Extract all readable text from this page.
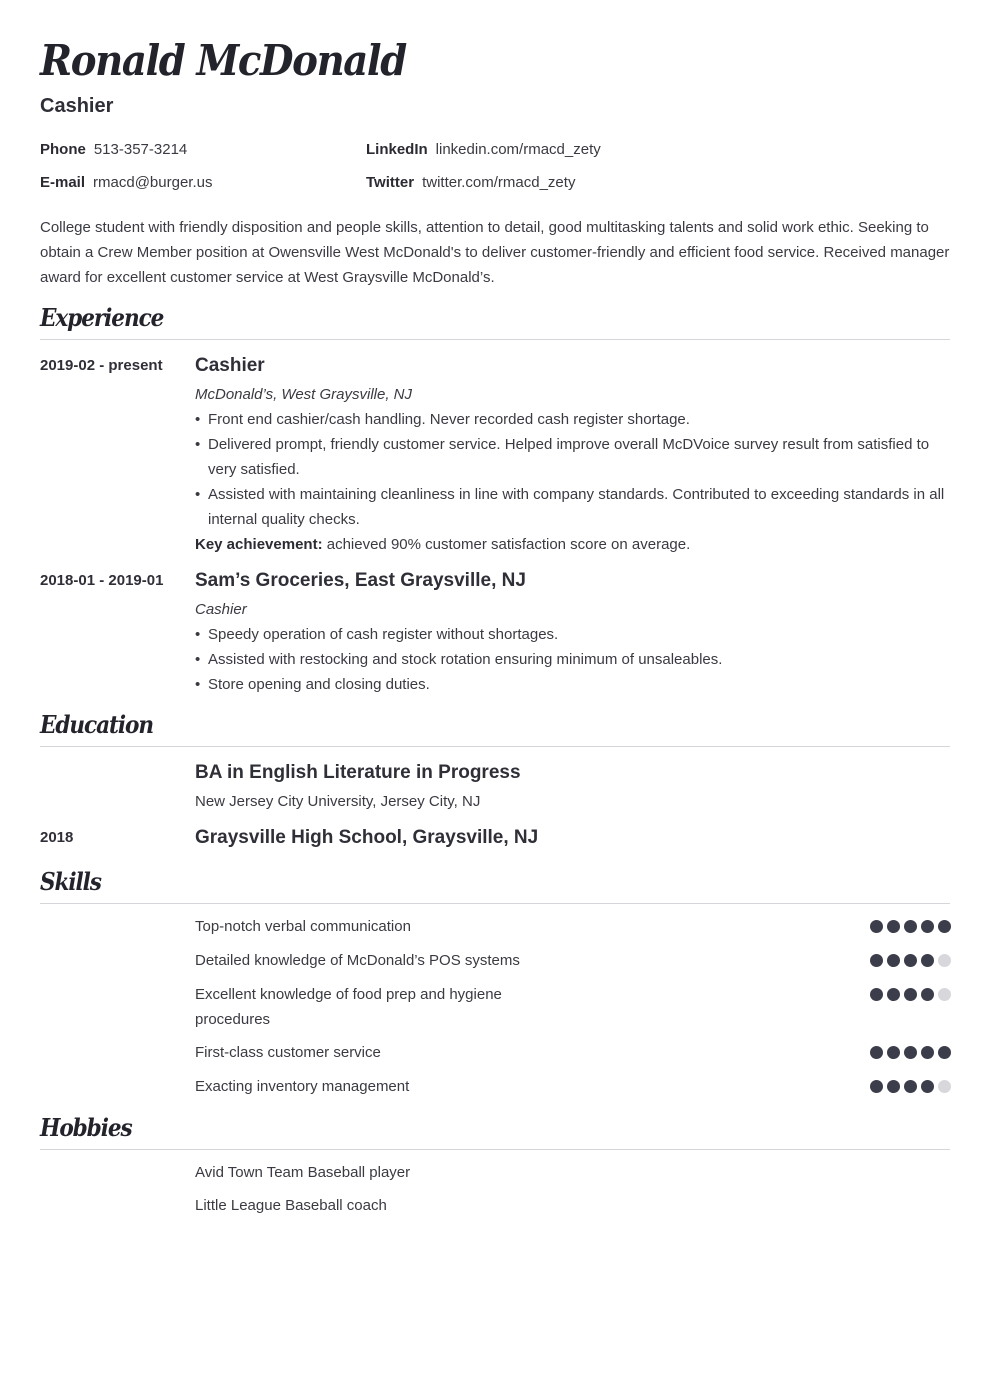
Ronald McDonald
Cashier
Phone 513-357-3214
E-mail rmacd@burger.us
LinkedIn linkedin.com/rmacd_zety
Twitter twitter.com/rmacd_zety

College student with friendly disposition and people skills, attention to detail, good multitasking talents and solid work ethic. Seeking to obtain a Crew Member position at Owensville West McDonald's to deliver customer-friendly and efficient food service. Received manager award for excellent customer service at West Graysville McDonald’s.

Experience
2019-02 - present Cashier
McDonald’s, West Graysville, NJ
• Front end cashier/cash handling. Never recorded cash register shortage.
• Delivered prompt, friendly customer service. Helped improve overall McDVoice survey result from satisfied to very satisfied.
• Assisted with maintaining cleanliness in line with company standards. Contributed to exceeding standards in all internal quality checks.
Key achievement: achieved 90% customer satisfaction score on average.
2018-01 - 2019-01 Sam’s Groceries, East Graysville, NJ
Cashier
• Speedy operation of cash register without shortages.
• Assisted with restocking and stock rotation ensuring minimum of unsaleables.
• Store opening and closing duties.
Education
BA in English Literature in Progress
New Jersey City University, Jersey City, NJ
2018	Graysville High School, Graysville, NJ
Skills
Top-notch verbal communication
Detailed knowledge of McDonald’s POS systems
Excellent knowledge of food prep and hygiene procedures
First-class customer service
Exacting inventory management
Hobbies
Avid Town Team Baseball player
Little League Baseball coach
